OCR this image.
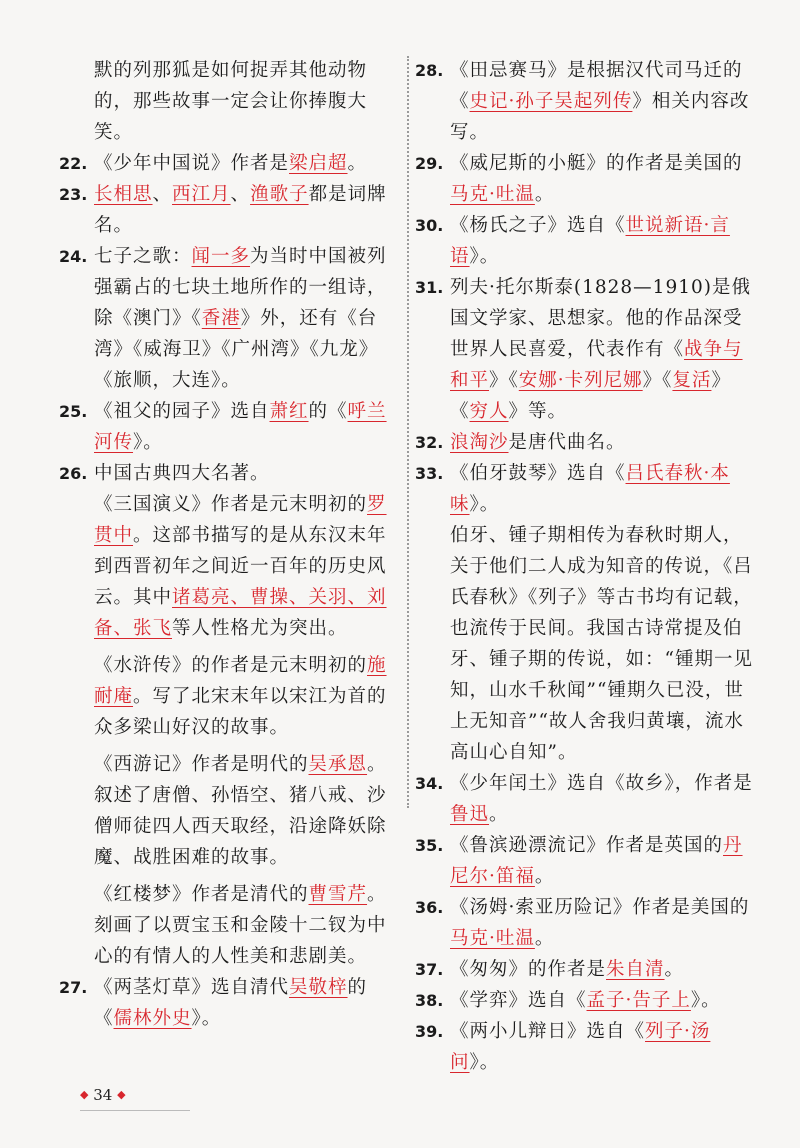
默的列那狐是如何捉弄其他动物的，那些故事一定会让你捧腹大笑。

22. 《少年中国说》作者是梁启超。

23. 长相思、西江月、渔歌子都是词牌名。

24. 七子之歌：闻一多为当时中国被列强霸占的七块土地所作的一组诗，除《澳门》《香港》外，还有《台湾》《威海卫》《广州湾》《九龙》《旅顺，大连》。

25. 《祖父的园子》选自萧红的《呼兰河传》。

26. 中国古典四大名著。

《三国演义》作者是元末明初的罗贯中。这部书描写的是从东汉末年到西晋初年之间近一百年的历史风云。其中诸葛亮、曹操、关羽、刘备、张飞等人性格尤为突出。

《水浒传》的作者是元末明初的施耐庵。写了北宋末年以宋江为首的众多梁山好汉的故事。

《西游记》作者是明代的吴承恩。叙述了唐僧、孙悟空、猪八戒、沙僧师徒四人西天取经，沿途降妖除魔、战胜困难的故事。

《红楼梦》作者是清代的曹雪芹。刻画了以贾宝玉和金陵十二钗为中心的有情人的人性美和悲剧美。

27. 《两茎灯草》选自清代吴敬梓的《儒林外史》。

28. 《田忌赛马》是根据汉代司马迁的《史记·孙子吴起列传》相关内容改写。

29. 《威尼斯的小艇》的作者是美国的马克·吐温。

30. 《杨氏之子》选自《世说新语·言语》。

31. 列夫·托尔斯泰(1828—1910)是俄国文学家、思想家。他的作品深受世界人民喜爱，代表作有《战争与和平》《安娜·卡列尼娜》《复活》《穷人》等。

32. 浪淘沙是唐代曲名。

33. 《伯牙鼓琴》选自《吕氏春秋·本味》。

伯牙、锺子期相传为春秋时期人，关于他们二人成为知音的传说，《吕氏春秋》《列子》等古书均有记载，也流传于民间。我国古诗常提及伯牙、锺子期的传说，如：“锺期一见知，山水千秋闻”“锺期久已没，世上无知音”“故人舍我归黄壤，流水高山心自知”。

34. 《少年闰土》选自《故乡》，作者是鲁迅。

35. 《鲁滨逊漂流记》作者是英国的丹尼尔·笛福。

36. 《汤姆·索亚历险记》作者是美国的马克·吐温。

37. 《匆匆》的作者是朱自清。

38. 《学弈》选自《孟子·告子上》。

39. 《两小儿辩日》选自《列子·汤问》。

◆ 34 ◆
